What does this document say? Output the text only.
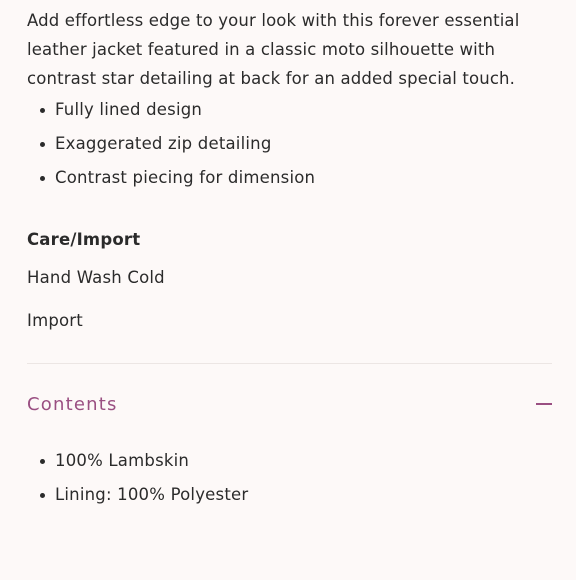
Add effortless edge to your look with this forever essential leather jacket featured in a classic moto silhouette with contrast star detailing at back for an added special touch.

Fully lined design
Exaggerated zip detailing
Contrast piecing for dimension
Care/Import

Hand Wash Cold

Import

Contents
100% Lambskin
Lining: 100% Polyester
